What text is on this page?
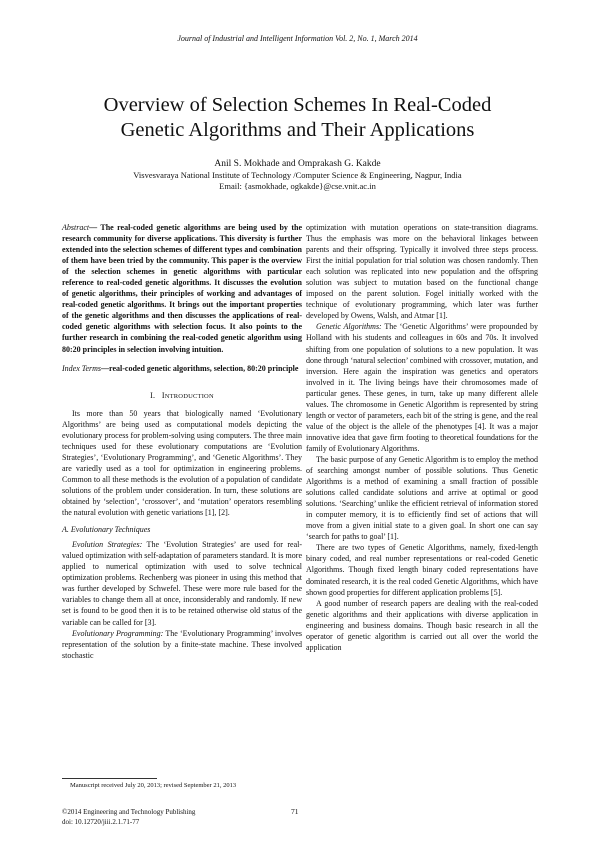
Journal of Industrial and Intelligent Information Vol. 2, No. 1, March 2014
Overview of Selection Schemes In Real-Coded
Genetic Algorithms and Their Applications
Anil S. Mokhade and Omprakash G. Kakde
Visvesvaraya National Institute of Technology /Computer Science & Engineering, Nagpur, India
Email: {asmokhade, ogkakde}@cse.vnit.ac.in

Abstract— The real-coded genetic algorithms are being used by the research community for diverse applications. This diversity is further extended into the selection schemes of different types and combination of them have been tried by the community. This paper is the overview of the selection schemes in genetic algorithms with particular reference to real-coded genetic algorithms. It discusses the evolution of genetic algorithms, their principles of working and advantages of real-coded genetic algorithms. It brings out the important properties of the genetic algorithms and then discusses the applications of real-coded genetic algorithms with selection focus. It also points to the further research in combining the real-coded genetic algorithm using 80:20 principles in selection involving intuition.

Index Terms—real-coded genetic algorithms, selection, 80:20 principle

I. INTRODUCTION

Its more than 50 years that biologically named ‘Evolutionary Algorithms’ are being used as computational models depicting the evolutionary process for problem-solving using computers. The three main techniques used for these evolutionary computations are ‘Evolution Strategies’, ‘Evolutionary Programming’, and ‘Genetic Algorithms’. They are variedly used as a tool for optimization in engineering problems. Common to all these methods is the evolution of a population of candidate solutions of the problem under consideration. In turn, these solutions are obtained by ‘selection’, ‘crossover’, and ‘mutation’ operators resembling the natural evolution with genetic variations [1], [2].

A. Evolutionary Techniques

Evolution Strategies: The ‘Evolution Strategies’ are used for real-valued optimization with self-adaptation of parameters standard. It is more applied to numerical optimization with used to solve technical optimization problems. Rechenberg was pioneer in using this method that was further developed by Schwefel. These were more rule based for the variables to change them all at once, inconsiderably and randomly. If new set is found to be good then it is to be retained otherwise old status of the variable can be called for [3].

Evolutionary Programming: The ‘Evolutionary Programming’ involves representation of the solution by a finite-state machine. These involved stochastic

optimization with mutation operations on state-transition diagrams. Thus the emphasis was more on the behavioral linkages between parents and their offspring. Typically it involved three steps process. First the initial population for trial solution was chosen randomly. Then each solution was replicated into new population and the offspring solution was subject to mutation based on the functional change imposed on the parent solution. Fogel initially worked with the technique of evolutionary programming, which later was further developed by Owens, Walsh, and Atmar [1].

Genetic Algorithms: The ‘Genetic Algorithms’ were propounded by Holland with his students and colleagues in 60s and 70s. It involved shifting from one population of solutions to a new population. It was done through ‘natural selection’ combined with crossover, mutation, and inversion. Here again the inspiration was genetics and operators involved in it. The living beings have their chromosomes made of particular genes. These genes, in turn, take up many different allele values. The chromosome in Genetic Algorithm is represented by string length or vector of parameters, each bit of the string is gene, and the real value of the object is the allele of the phenotypes [4]. It was a major innovative idea that gave firm footing to theoretical foundations for the family of Evolutionary Algorithms.

The basic purpose of any Genetic Algorithm is to employ the method of searching amongst number of possible solutions. Thus Genetic Algorithms is a method of examining a small fraction of possible solutions called candidate solutions and arrive at optimal or good solutions. ‘Searching’ unlike the efficient retrieval of information stored in computer memory, it is to efficiently find set of actions that will move from a given initial state to a given goal. In short one can say ‘search for paths to goal’ [1].

There are two types of Genetic Algorithms, namely, fixed-length binary coded, and real number representations or real-coded Genetic Algorithms. Though fixed length binary coded representations have dominated research, it is the real coded Genetic Algorithms, which have shown good properties for different application problems [5].

A good number of research papers are dealing with the real-coded genetic algorithms and their applications with diverse application in engineering and business domains. Though basic research in all the operator of genetic algorithm is carried out all over the world the application

Manuscript received July 20, 2013; revised September 21, 2013
©2014 Engineering and Technology Publishing
doi: 10.12720/jiii.2.1.71-77
71
